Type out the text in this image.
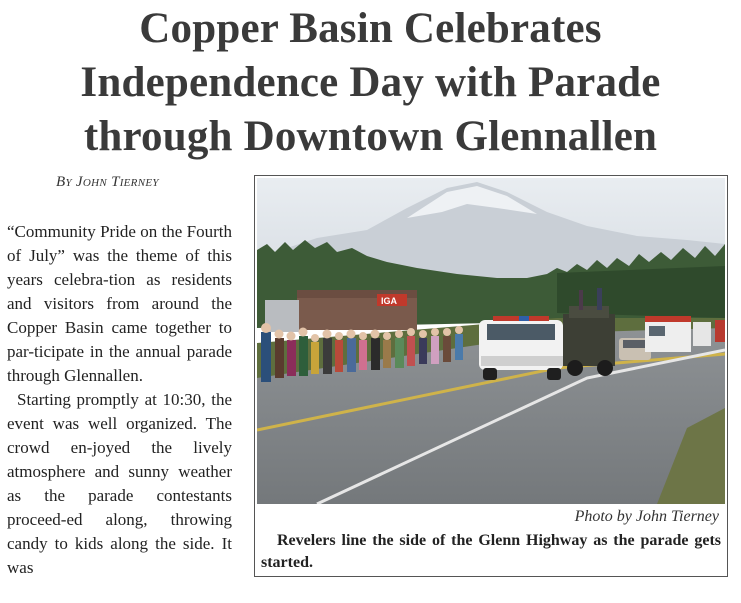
Copper Basin Celebrates
Independence Day with Parade
through Downtown Glennallen
By John Tierney

“Community Pride on the Fourth of July” was the theme of this years celebra-tion as residents and visitors from around the Copper Basin came together to par-ticipate in the annual parade through Glennallen.

Starting promptly at 10:30, the event was well organized. The crowd en-joyed the lively atmosphere and sunny weather as the parade contestants proceed-ed along, throwing candy to kids along the side. It was

IGA
Photo by John Tierney
Revelers line the side of the Glenn Highway as the parade gets started.
